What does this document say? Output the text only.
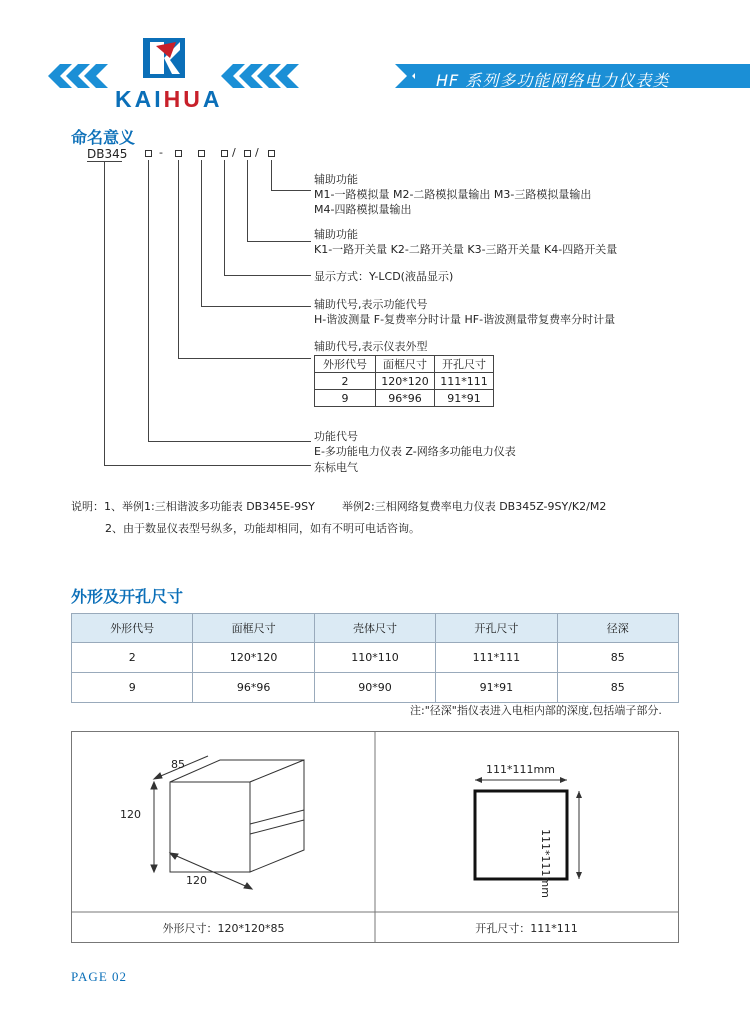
KAIHUA
HF 系列多功能网络电力仪表类
命名意义
DB345	-	/ /
辅助功能
M1-一路模拟量 M2-二路模拟量输出 M3-三路模拟量输出
M4-四路模拟量输出
辅助功能
K1-一路开关量 K2-二路开关量 K3-三路开关量 K4-四路开关量
显示方式：Y-LCD(液晶显示)
辅助代号,表示功能代号
H-谐波测量 F-复费率分时计量 HF-谐波测量带复费率分时计量
辅助代号,表示仪表外型
外形代号	面框尺寸	开孔尺寸
2	120*120	111*111
9	96*96	91*91
功能代号
E-多功能电力仪表 Z-网络多功能电力仪表
东标电气
说明：1、举例1:三相谐波多功能表 DB345E-9SY 举例2:三相网络复费率电力仪表 DB345Z-9SY/K2/M2
2、由于数显仪表型号纵多，功能却相同，如有不明可电话咨询。
外形及开孔尺寸
外形代号	面框尺寸	壳体尺寸	开孔尺寸	径深
2	120*120	110*110	111*111	85
9	96*96	90*90	91*91	85
注:"径深"指仪表进入电柜内部的深度,包括端子部分.
85
120
120
111*111mm
111*111mm
外形尺寸：120*120*85	开孔尺寸：111*111
PAGE 02
